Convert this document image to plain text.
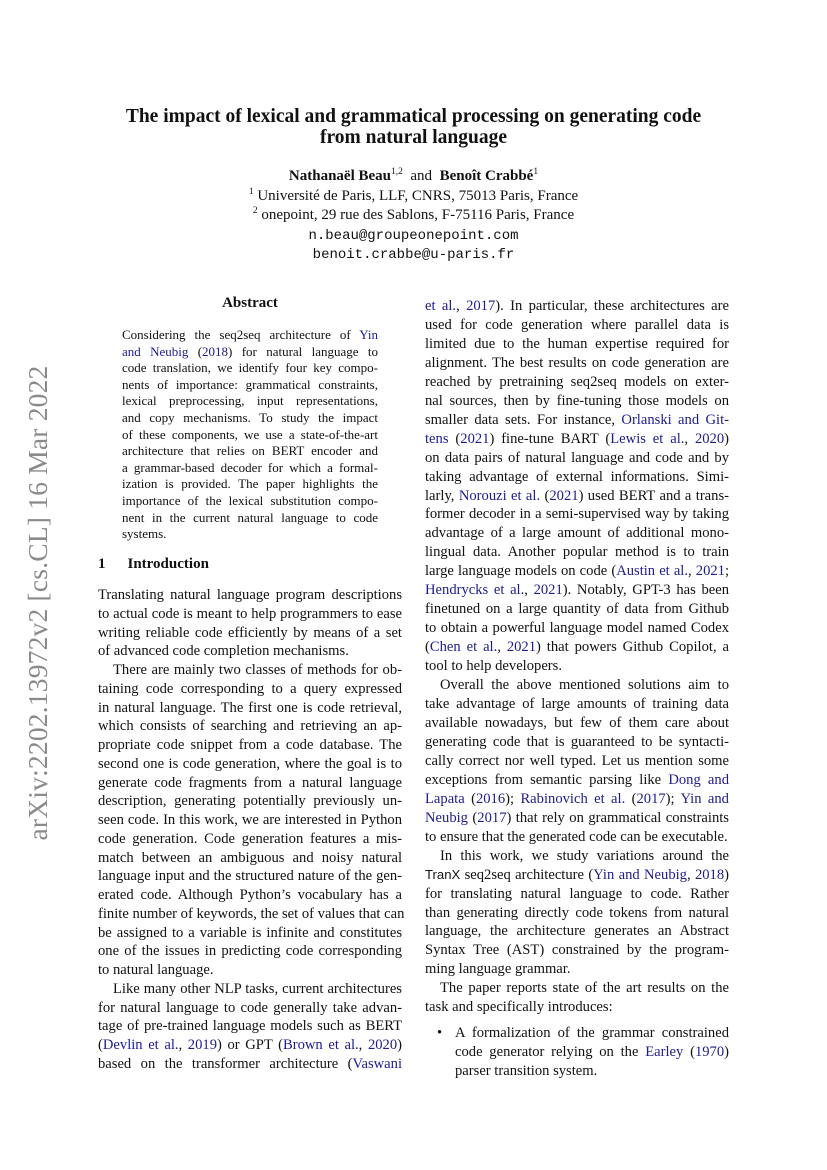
arXiv:2202.13972v2 [cs.CL] 16 Mar 2022
The impact of lexical and grammatical processing on generating code
from natural language
Nathanaël Beau$^{1,2}$ and Benoît Crabbé$^1$
$^1$ Université de Paris, LLF, CNRS, 75013 Paris, France
$^2$ onepoint, 29 rue des Sablons, F-75116 Paris, France
n.beau@groupeonepoint.com
benoit.crabbe@u-paris.fr
Abstract
Considering the seq2seq architecture of Yin
and Neubig (2018) for natural language to
code translation, we identify four key compo-
nents of importance: grammatical constraints,
lexical preprocessing, input representations,
and copy mechanisms. To study the impact
of these components, we use a state-of-the-art
architecture that relies on BERT encoder and
a grammar-based decoder for which a formal-
ization is provided. The paper highlights the
importance of the lexical substitution compo-
nent in the current natural language to code
systems.
1 Introduction
Translating natural language program descriptions
to actual code is meant to help programmers to ease
writing reliable code efficiently by means of a set
of advanced code completion mechanisms.
There are mainly two classes of methods for ob-
taining code corresponding to a query expressed
in natural language. The first one is code retrieval,
which consists of searching and retrieving an ap-
propriate code snippet from a code database. The
second one is code generation, where the goal is to
generate code fragments from a natural language
description, generating potentially previously un-
seen code. In this work, we are interested in Python
code generation. Code generation features a mis-
match between an ambiguous and noisy natural
language input and the structured nature of the gen-
erated code. Although Python’s vocabulary has a
finite number of keywords, the set of values that can
be assigned to a variable is infinite and constitutes
one of the issues in predicting code corresponding
to natural language.
Like many other NLP tasks, current architectures
for natural language to code generally take advan-
tage of pre-trained language models such as BERT
(Devlin et al., 2019) or GPT (Brown et al., 2020)
based on the transformer architecture (Vaswani
et al., 2017). In particular, these architectures are
used for code generation where parallel data is
limited due to the human expertise required for
alignment. The best results on code generation are
reached by pretraining seq2seq models on exter-
nal sources, then by fine-tuning those models on
smaller data sets. For instance, Orlanski and Git-
tens (2021) fine-tune BART (Lewis et al., 2020)
on data pairs of natural language and code and by
taking advantage of external informations. Simi-
larly, Norouzi et al. (2021) used BERT and a trans-
former decoder in a semi-supervised way by taking
advantage of a large amount of additional mono-
lingual data. Another popular method is to train
large language models on code (Austin et al., 2021;
Hendrycks et al., 2021). Notably, GPT-3 has been
finetuned on a large quantity of data from Github
to obtain a powerful language model named Codex
(Chen et al., 2021) that powers Github Copilot, a
tool to help developers.
Overall the above mentioned solutions aim to
take advantage of large amounts of training data
available nowadays, but few of them care about
generating code that is guaranteed to be syntacti-
cally correct nor well typed. Let us mention some
exceptions from semantic parsing like Dong and
Lapata (2016); Rabinovich et al. (2017); Yin and
Neubig (2017) that rely on grammatical constraints
to ensure that the generated code can be executable.
In this work, we study variations around the
TranX seq2seq architecture (Yin and Neubig, 2018)
for translating natural language to code. Rather
than generating directly code tokens from natural
language, the architecture generates an Abstract
Syntax Tree (AST) constrained by the program-
ming language grammar.
The paper reports state of the art results on the
task and specifically introduces:
• A formalization of the grammar constrained
code generator relying on the Earley (1970)
parser transition system.
